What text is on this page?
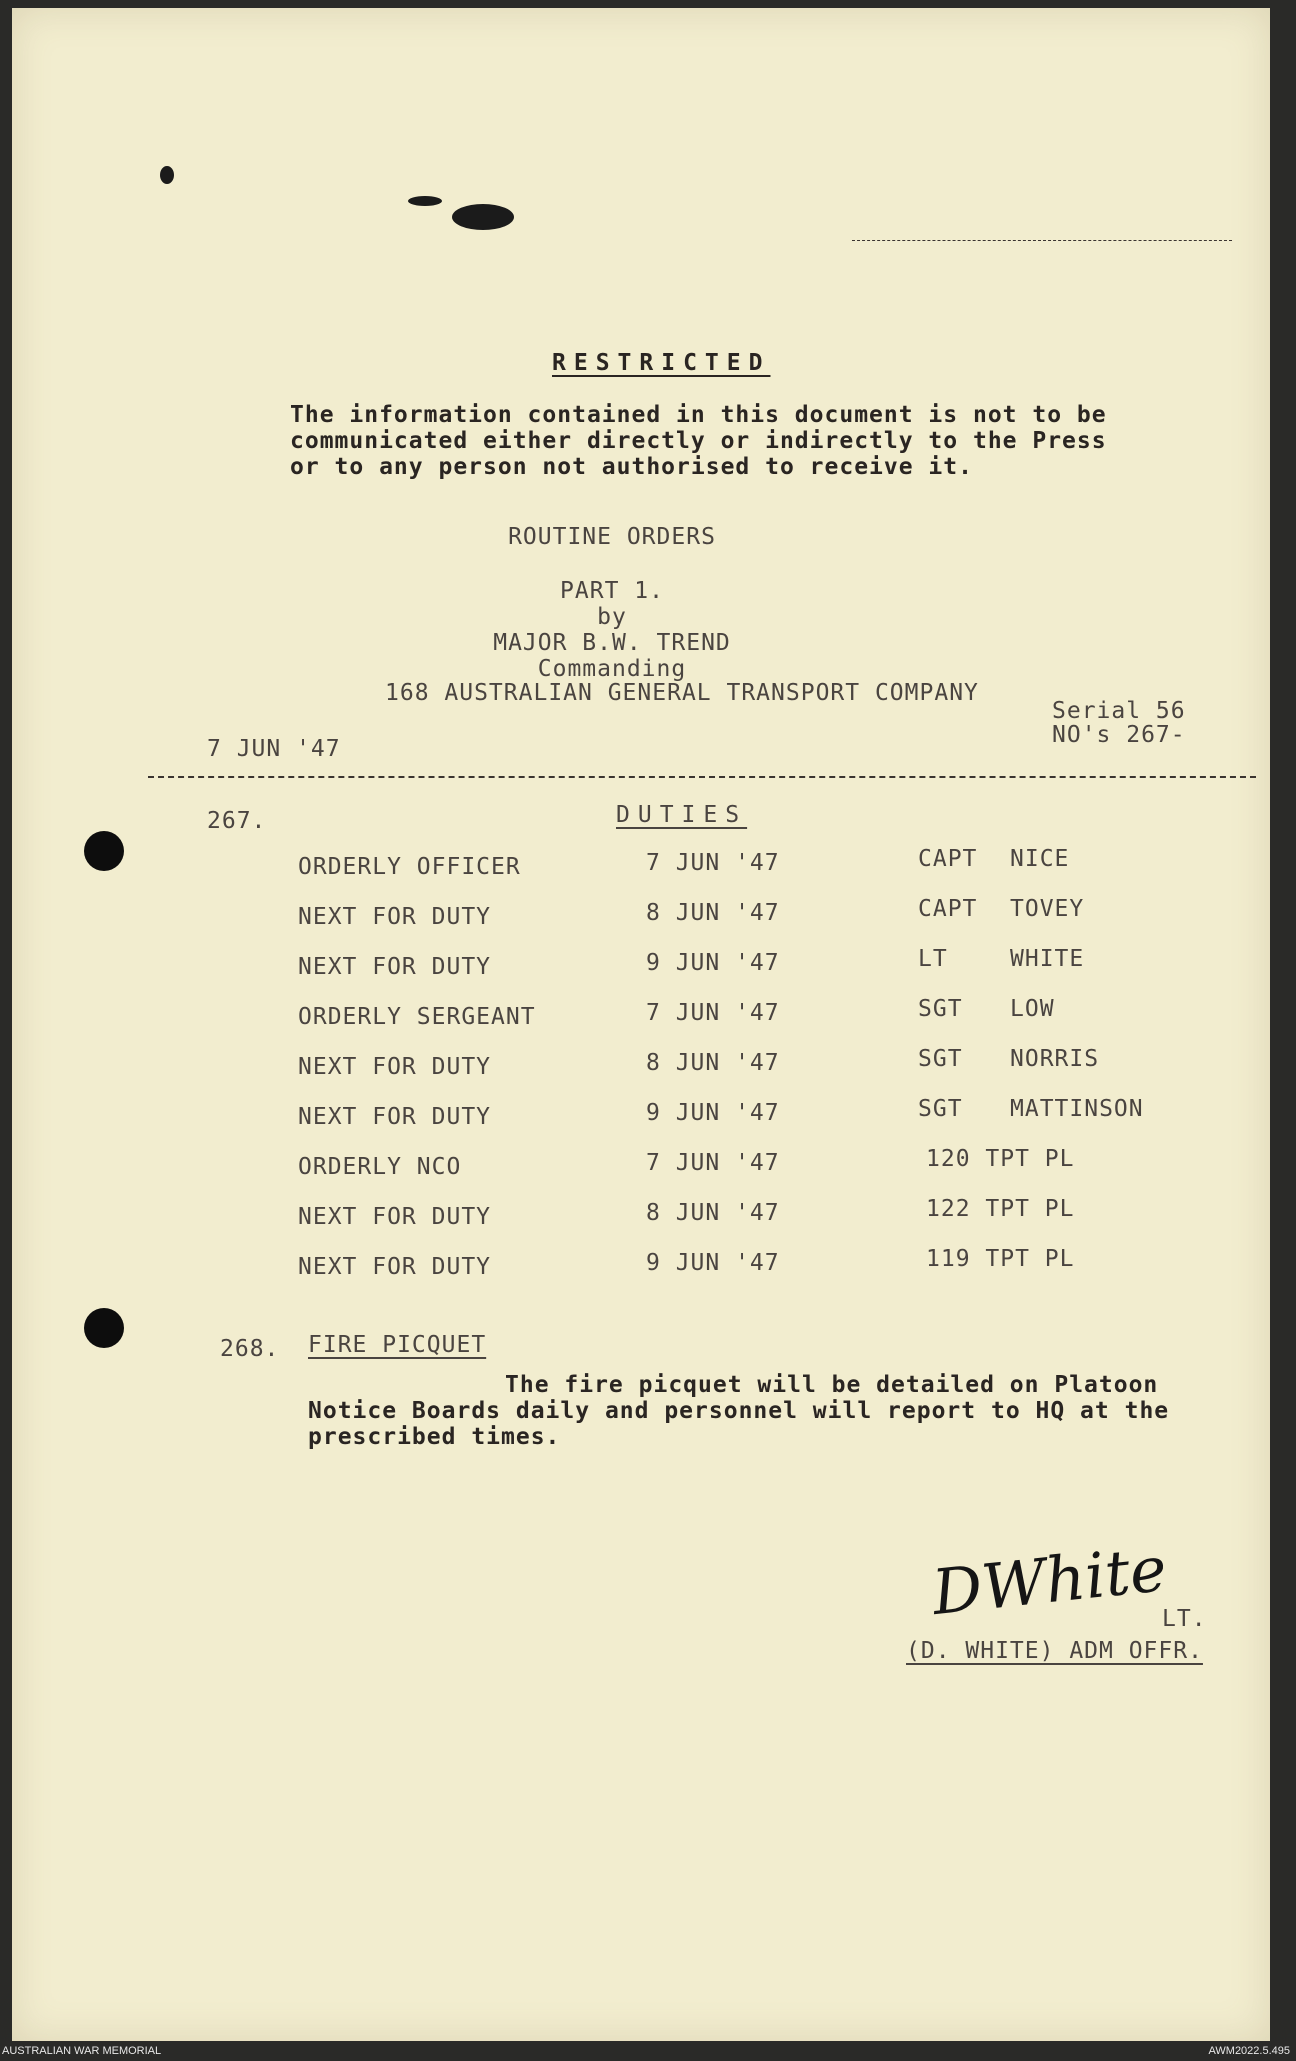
RESTRICTED
The information contained in this document is not to be
communicated either directly or indirectly to the Press
or to any person not authorised to receive it.
ROUTINE ORDERS
PART 1.
by
MAJOR B.W. TREND
Commanding
168 AUSTRALIAN GENERAL TRANSPORT COMPANY
Serial 56
NO's 267-
7 JUN '47
267.	DUTIES
ORDERLY OFFICER	7 JUN '47	CAPT NICE
NEXT FOR DUTY	8 JUN '47	CAPT TOVEY
NEXT FOR DUTY	9 JUN '47	LT	WHITE
ORDERLY SERGEANT	7 JUN '47	SGT LOW
NEXT FOR DUTY	8 JUN '47	SGT NORRIS
NEXT FOR DUTY	9 JUN '47	SGT MATTINSON
ORDERLY NCO	7 JUN '47	120 TPT PL
NEXT FOR DUTY	8 JUN '47	122 TPT PL
NEXT FOR DUTY	9 JUN '47	119 TPT PL
268. FIRE PICQUET
The fire picquet will be detailed on Platoon
Notice Boards daily and personnel will report to HQ at the
prescribed times.
DWhite
LT.
(D. WHITE) ADM OFFR.
AUSTRALIAN WAR MEMORIAL	AWM2022.5.495
